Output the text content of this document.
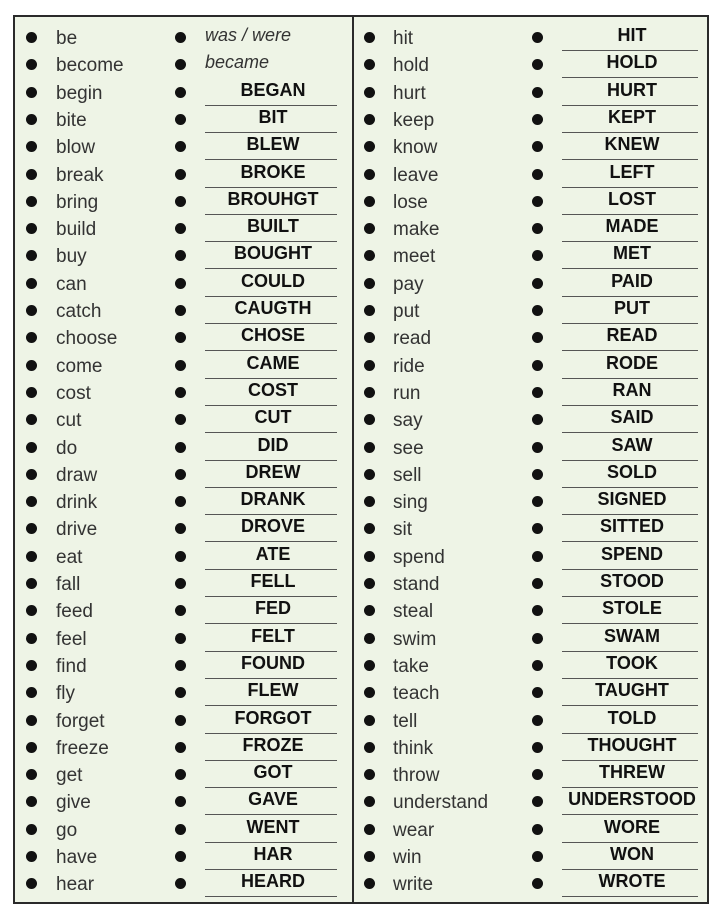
be	was / were
become	became
begin	BEGAN
bite	BIT
blow	BLEW
break	BROKE
bring	BROUHGT
build	BUILT
buy	BOUGHT
can	COULD
catch	CAUGTH
choose	CHOSE
come	CAME
cost	COST
cut	CUT
do	DID
draw	DREW
drink	DRANK
drive	DROVE
eat	ATE
fall	FELL
feed	FED
feel	FELT
find	FOUND
fly	FLEW
forget	FORGOT
freeze	FROZE
get	GOT
give	GAVE
go	WENT
have	HAR
hear	HEARD
hit	HIT
hold	HOLD
hurt	HURT
keep	KEPT
know	KNEW
leave	LEFT
lose	LOST
make	MADE
meet	MET
pay	PAID
put	PUT
read	READ
ride	RODE
run	RAN
say	SAID
see	SAW
sell	SOLD
sing	SIGNED
sit	SITTED
spend	SPEND
stand	STOOD
steal	STOLE
swim	SWAM
take	TOOK
teach	TAUGHT
tell	TOLD
think	THOUGHT
throw	THREW
understand	UNDERSTOOD
wear	WORE
win	WON
write	WROTE
